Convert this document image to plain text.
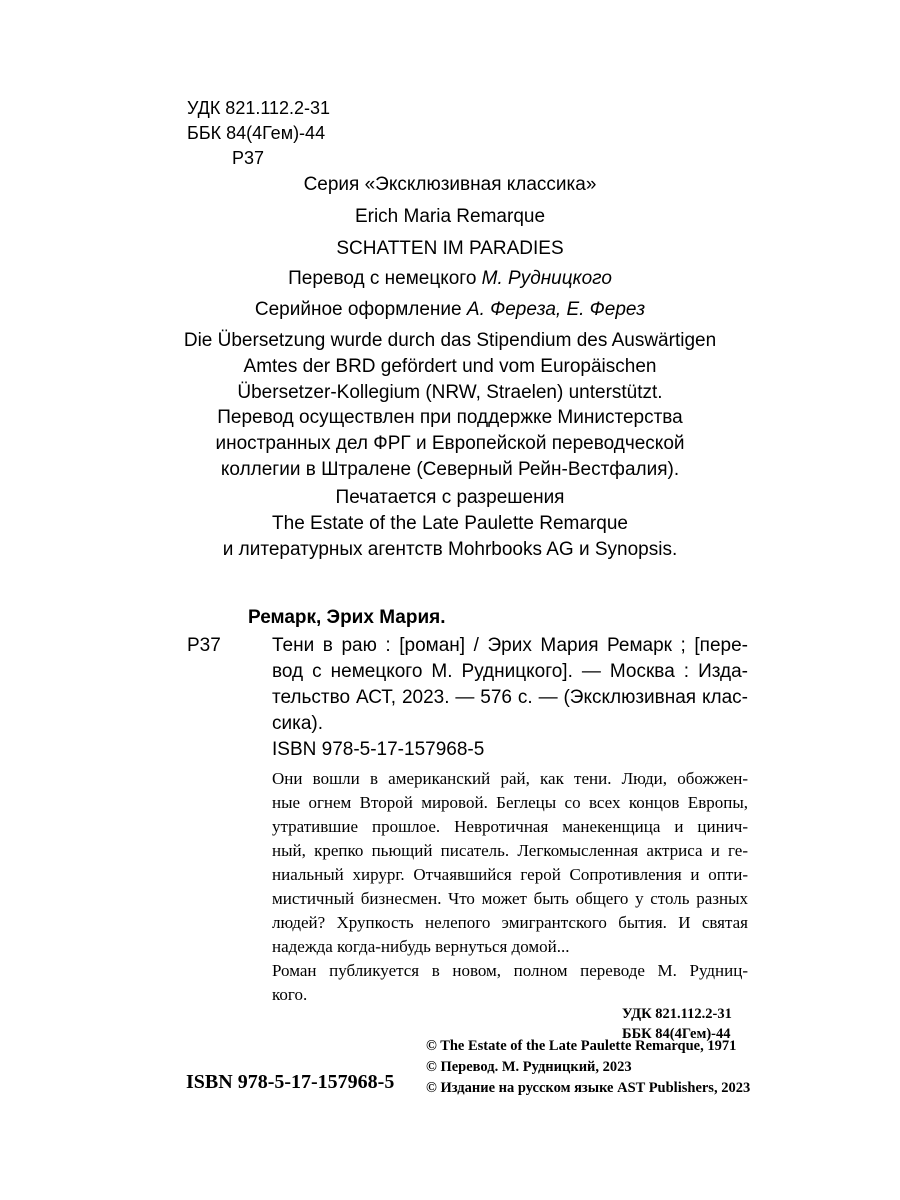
УДК 821.112.2-31
ББК 84(4Гем)-44
Р37
Серия «Эксклюзивная классика»
Erich Maria Remarque
SCHATTEN IM PARADIES
Перевод с немецкого М. Рудницкого
Серийное оформление А. Фереза, Е. Ферез
Die Übersetzung wurde durch das Stipendium des Auswärtigen
Amtes der BRD gefördert und vom Europäischen
Übersetzer-Kollegium (NRW, Straelen) unterstützt.
Перевод осуществлен при поддержке Министерства
иностранных дел ФРГ и Европейской переводческой
коллегии в Штралене (Северный Рейн-Вестфалия).
Печатается с разрешения
The Estate of the Late Paulette Remarque
и литературных агентств Mohrbooks AG и Synopsis.
Ремарк, Эрих Мария.
Р37	Тени в раю : [роман] / Эрих Мария Ремарк ; [пере-
вод с немецкого М. Рудницкого]. — Москва : Изда-
тельство АСТ, 2023. — 576 с. — (Эксклюзивная клас-
сика).
ISBN 978-5-17-157968-5
Они вошли в американский рай, как тени. Люди, обожжен-
ные огнем Второй мировой. Беглецы со всех концов Европы,
утратившие прошлое. Невротичная манекенщица и цинич-
ный, крепко пьющий писатель. Легкомысленная актриса и ге-
ниальный хирург. Отчаявшийся герой Сопротивления и опти-
мистичный бизнесмен. Что может быть общего у столь разных
людей? Хрупкость нелепого эмигрантского бытия. И святая
надежда когда-нибудь вернуться домой...
Роман публикуется в новом, полном переводе М. Рудниц-
кого.
УДК 821.112.2-31
ББК 84(4Гем)-44
ISBN 978-5-17-157968-5
© The Estate of the Late Paulette Remarque, 1971
© Перевод. М. Рудницкий, 2023
© Издание на русском языке AST Publishers, 2023
